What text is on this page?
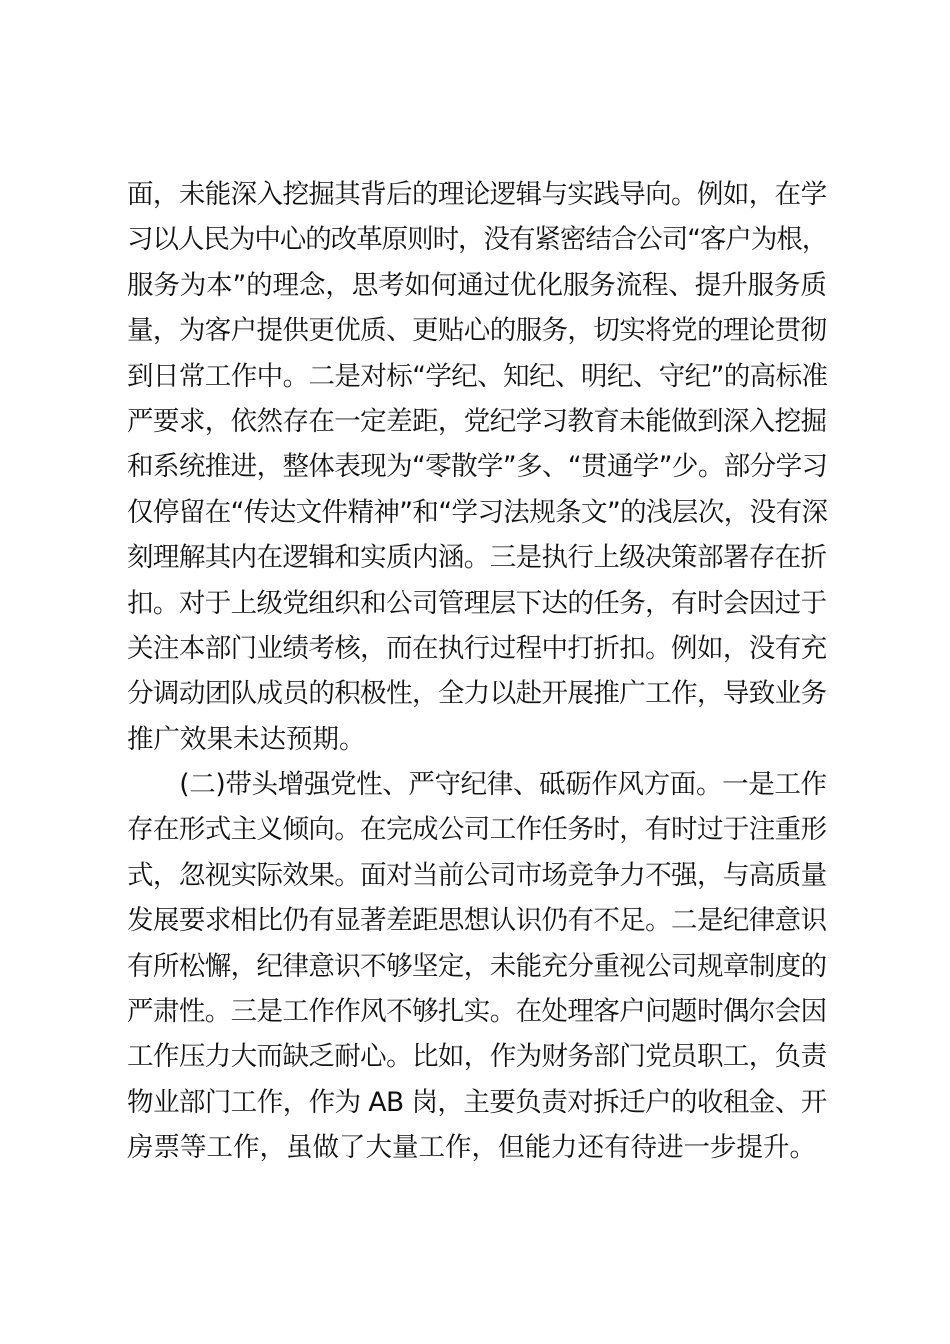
面，未能深入挖掘其背后的理论逻辑与实践导向。例如，在学
习以人民为中心的改革原则时，没有紧密结合公司“客户为根，
服务为本”的理念，思考如何通过优化服务流程、提升服务质
量，为客户提供更优质、更贴心的服务，切实将党的理论贯彻
到日常工作中。二是对标“学纪、知纪、明纪、守纪”的高标准
严要求，依然存在一定差距，党纪学习教育未能做到深入挖掘
和系统推进，整体表现为“零散学”多、“贯通学”少。部分学习
仅停留在“传达文件精神”和“学习法规条文”的浅层次，没有深
刻理解其内在逻辑和实质内涵。三是执行上级决策部署存在折
扣。对于上级党组织和公司管理层下达的任务，有时会因过于
关注本部门业绩考核，而在执行过程中打折扣。例如，没有充
分调动团队成员的积极性，全力以赴开展推广工作，导致业务
推广效果未达预期。
　　(二)带头增强党性、严守纪律、砥砺作风方面。一是工作
存在形式主义倾向。在完成公司工作任务时，有时过于注重形
式，忽视实际效果。面对当前公司市场竞争力不强，与高质量
发展要求相比仍有显著差距思想认识仍有不足。二是纪律意识
有所松懈，纪律意识不够坚定，未能充分重视公司规章制度的
严肃性。三是工作作风不够扎实。在处理客户问题时偶尔会因
工作压力大而缺乏耐心。比如，作为财务部门党员职工，负责
物业部门工作，作为 AB 岗，主要负责对拆迁户的收租金、开
房票等工作，虽做了大量工作，但能力还有待进一步提升。
